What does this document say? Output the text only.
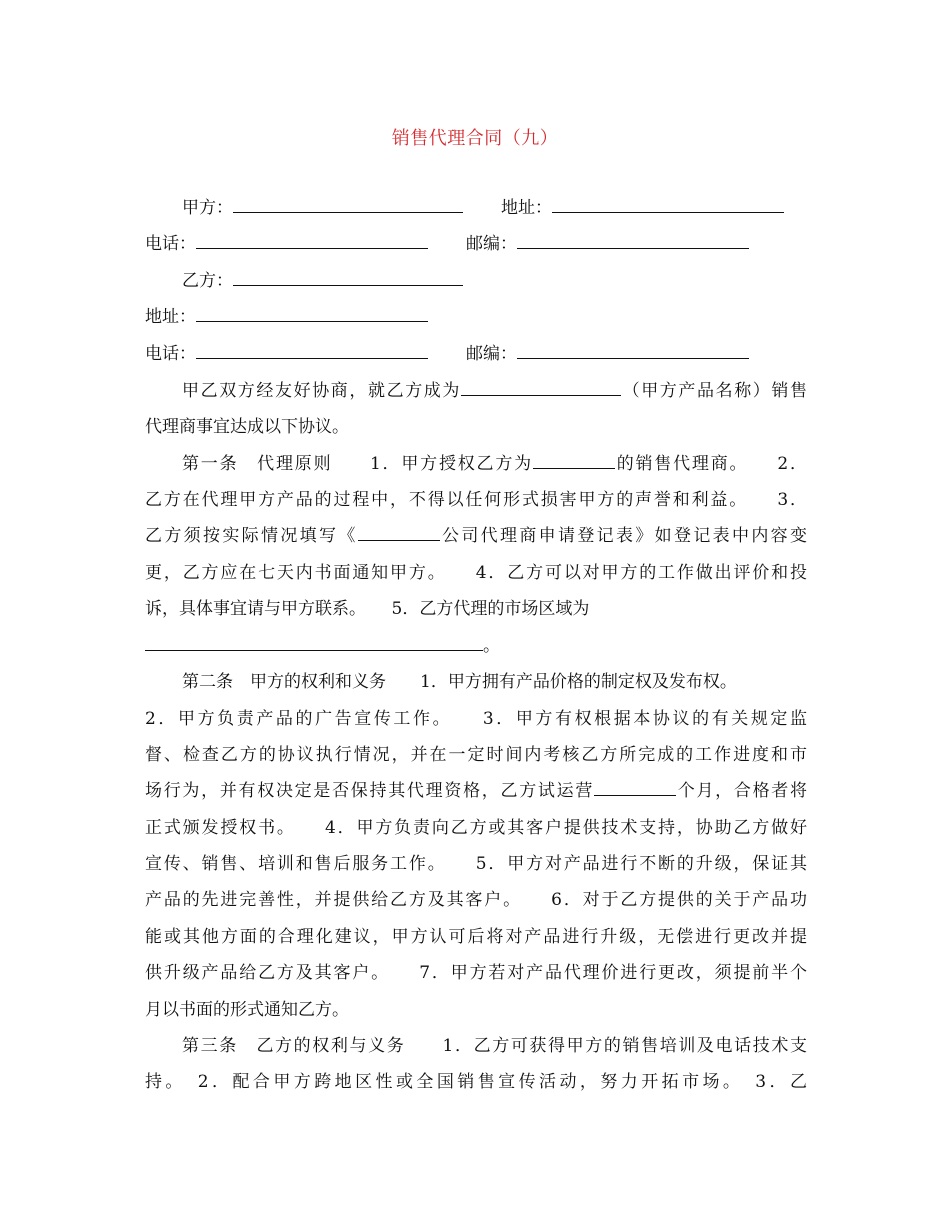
销售代理合同（九）
甲方：	地址：
电话：	邮编：
乙方：
地址：
电话：	邮编：
甲乙双方经友好协商，就乙方成为	（甲方产品名称）销售
代理商事宜达成以下协议。
第一条　代理原则　　1．甲方授权乙方为	的销售代理商。　　2．
乙方在代理甲方产品的过程中，不得以任何形式损害甲方的声誉和利益。　　3．
乙方须按实际情况填写《	公司代理商申请登记表》如登记表中内容变
更，乙方应在七天内书面通知甲方。　　4．乙方可以对甲方的工作做出评价和投
诉，具体事宜请与甲方联系。　　5．乙方代理的市场区域为
。
第二条　甲方的权利和义务　　1．甲方拥有产品价格的制定权及发布权。
2．甲方负责产品的广告宣传工作。　　3．甲方有权根据本协议的有关规定监
督、检查乙方的协议执行情况，并在一定时间内考核乙方所完成的工作进度和市
场行为，并有权决定是否保持其代理资格，乙方试运营	个月，合格者将
正式颁发授权书。　　4．甲方负责向乙方或其客户提供技术支持，协助乙方做好
宣传、销售、培训和售后服务工作。　　5．甲方对产品进行不断的升级，保证其
产品的先进完善性，并提供给乙方及其客户。　　6．对于乙方提供的关于产品功
能或其他方面的合理化建议，甲方认可后将对产品进行升级，无偿进行更改并提
供升级产品给乙方及其客户。　　7．甲方若对产品代理价进行更改，须提前半个
月以书面的形式通知乙方。
第三条　乙方的权利与义务　　1．乙方可获得甲方的销售培训及电话技术支
持。　2．配合甲方跨地区性或全国销售宣传活动，努力开拓市场。　3．乙
